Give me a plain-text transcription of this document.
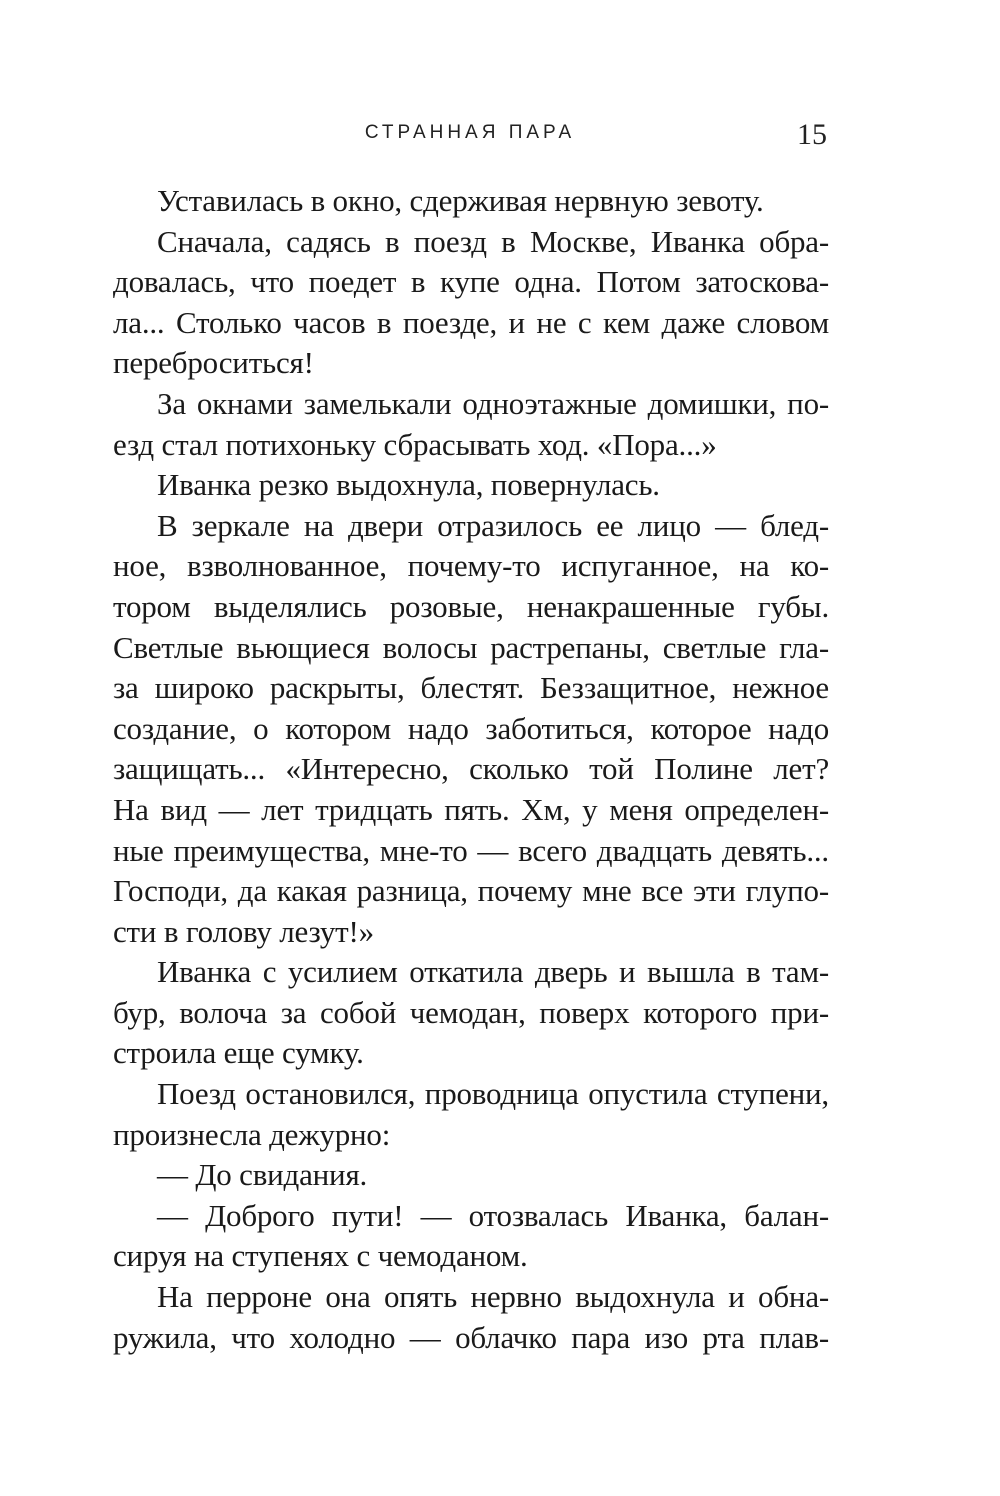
СТРАННАЯ ПАРА	15
Уставилась в окно, сдерживая нервную зевоту.
Сначала, садясь в поезд в Москве, Иванка обра-
довалась, что поедет в купе одна. Потом затоскова-
ла... Столько часов в поезде, и не с кем даже словом
переброситься!
За окнами замелькали одноэтажные домишки, по-
езд стал потихоньку сбрасывать ход. «Пора...»
Иванка резко выдохнула, повернулась.
В зеркале на двери отразилось ее лицо — блед-
ное, взволнованное, почему-то испуганное, на ко-
тором выделялись розовые, ненакрашенные губы.
Светлые вьющиеся волосы растрепаны, светлые гла-
за широко раскрыты, блестят. Беззащитное, нежное
создание, о котором надо заботиться, которое надо
защищать... «Интересно, сколько той Полине лет?
На вид — лет тридцать пять. Хм, у меня определен-
ные преимущества, мне-то — всего двадцать девять...
Господи, да какая разница, почему мне все эти глупо-
сти в голову лезут!»
Иванка с усилием откатила дверь и вышла в там-
бур, волоча за собой чемодан, поверх которого при-
строила еще сумку.
Поезд остановился, проводница опустила ступени,
произнесла дежурно:
— До свидания.
— Доброго пути! — отозвалась Иванка, балан-
сируя на ступенях с чемоданом.
На перроне она опять нервно выдохнула и обна-
ружила, что холодно — облачко пара изо рта плав-
